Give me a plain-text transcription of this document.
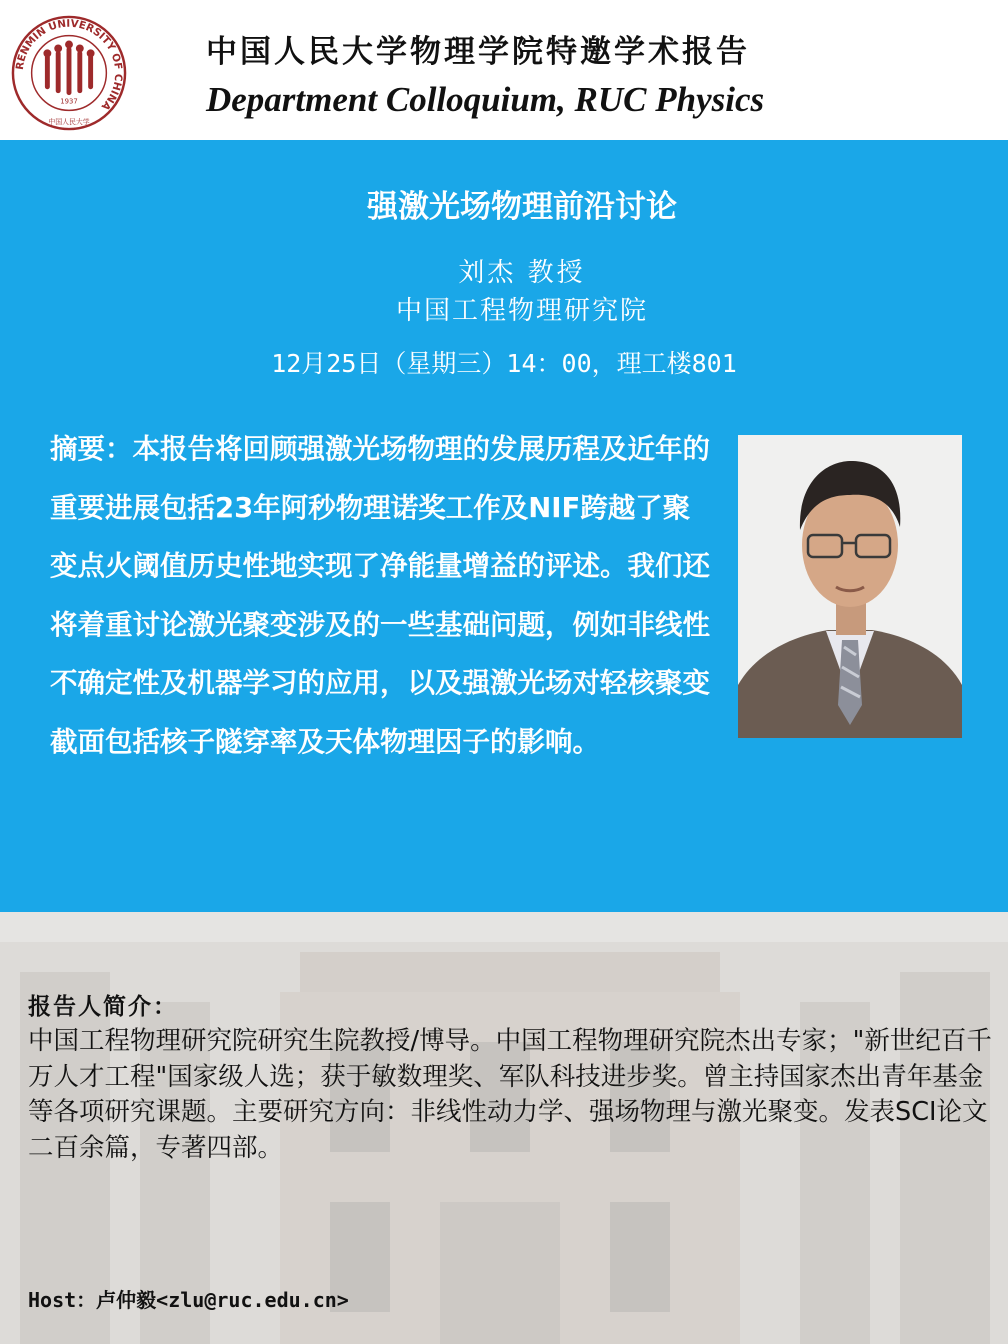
RENMIN UNIVERSITY OF CHINA
1937
中国人民大学
中国人民大学物理学院特邀学术报告
Department Colloquium, RUC Physics
强激光场物理前沿讨论
刘杰 教授
中国工程物理研究院
12月25日（星期三）14：00，理工楼801

摘要：本报告将回顾强激光场物理的发展历程及近年的重要进展包括23年阿秒物理诺奖工作及NIF跨越了聚变点火阈值历史性地实现了净能量增益的评述。我们还将着重讨论激光聚变涉及的一些基础问题，例如非线性不确定性及机器学习的应用，以及强激光场对轻核聚变截面包括核子隧穿率及天体物理因子的影响。

报告人简介：

中国工程物理研究院研究生院教授/博导。中国工程物理研究院杰出专家；"新世纪百千万人才工程"国家级人选；获于敏数理奖、军队科技进步奖。曾主持国家杰出青年基金等各项研究课题。主要研究方向：非线性动力学、强场物理与激光聚变。发表SCI论文二百余篇，专著四部。

Host：卢仲毅<zlu@ruc.edu.cn>
